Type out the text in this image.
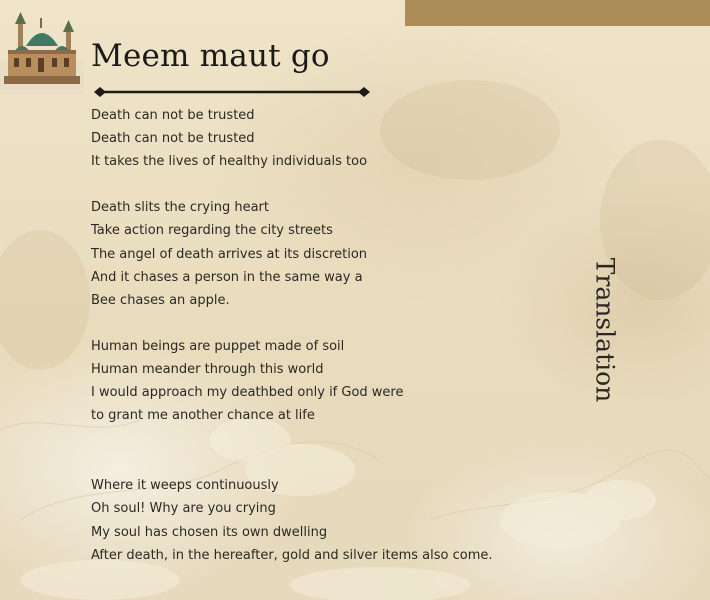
Meem maut go
Death can not be trusted
Death can not be trusted
It takes the lives of healthy individuals too
Death slits the crying heart
Take action regarding the city streets
The angel of death arrives at its discretion
And it chases a person in the same way a
Bee chases an apple.
Human beings are puppet made of soil
Human meander through this world
I would approach my deathbed only if God were
to grant me another chance at life
Where it weeps continuously
Oh soul! Why are you crying
My soul has chosen its own dwelling
After death, in the hereafter, gold and silver items also come.
Translation
